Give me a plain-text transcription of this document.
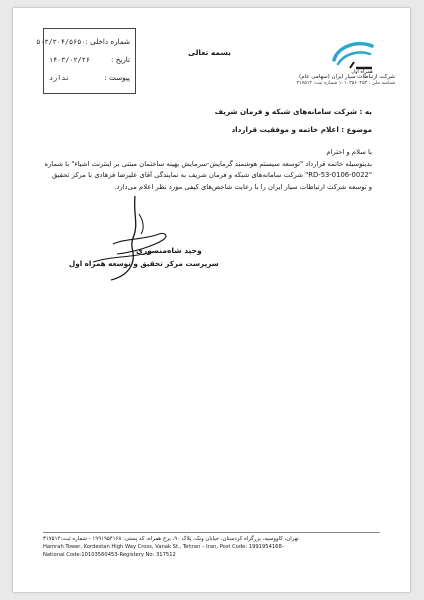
شماره داخلی :
۵۰۳/۳۰۴/۵۶۵۰
تاریخ :
۱۴۰۳/۰۲/۲۶
پیوست :
ندارد
بسمه تعالی
همراه اول
شرکت ارتباطات سیار ایران (سهامی عام)
شناسه ملی : ۱۰۱۰۳۵۶۰۴۵۳ شماره ثبت: ۳۱۷۵۱۲
به : شرکت سامانه‌های شبکه و فرمان شریف
موضوع : اعلام خاتمه و موفقیت قرارداد
با سلام و احترام
بدینوسیله خاتمه قرارداد "توسعه سیستم هوشمند گرمایش-سرمایش بهینه ساختمان مبتنی بر اینترنت اشیاء" با شماره
"RD-53-0106-0022" شرکت سامانه‌های شبکه و فرمان شریف به نمایندگی آقای علیرضا فرهادی با مرکز تحقیق
و توسعه شرکت ارتباطات سیار ایران را با رعایت شاخص‌های کیفی مورد نظر اعلام می‌دارد.
وحید شاه‌منصوری
سرپرست مرکز تحقیق و توسعه همراه اول
تهران، کاووسیه، بزرگراه کردستان، خیابان ونک، پلاک ۹۰، برج همراه، کد پستی: ۱۹۹۱۹۵۴۱۶۸ - شماره ثبت:۳۱۷۵۱۲
Hamrah Tower, Kordestan High Way Cross, Vanak St., Tehran – Iran, Post Code: 1991954168-
National Code:10103560453-Registery No: 317512
